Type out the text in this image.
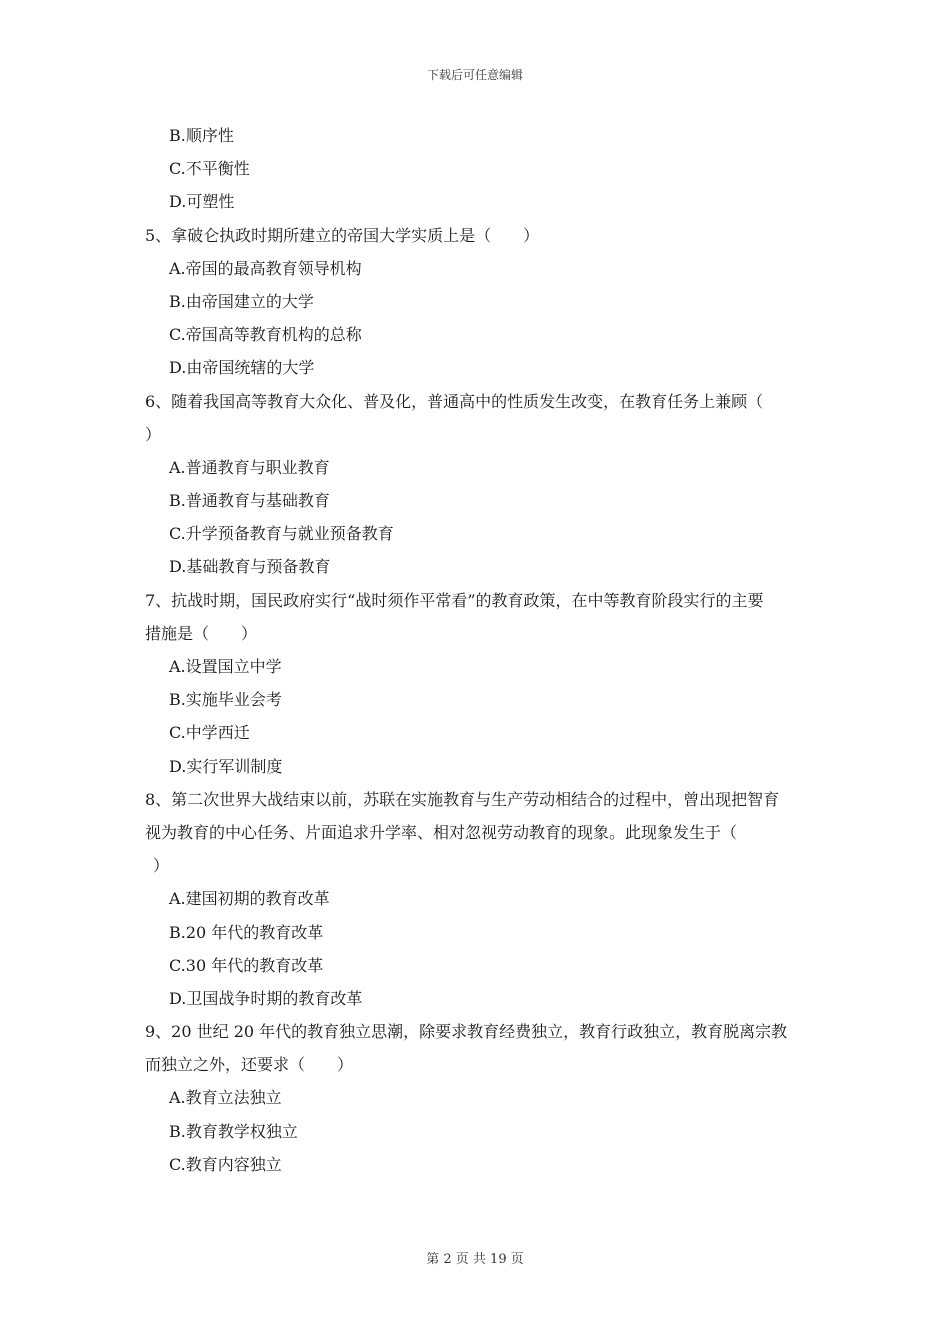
下载后可任意编辑
B.顺序性
C.不平衡性
D.可塑性
5、拿破仑执政时期所建立的帝国大学实质上是（　　）
A.帝国的最高教育领导机构
B.由帝国建立的大学
C.帝国高等教育机构的总称
D.由帝国统辖的大学
6、随着我国高等教育大众化、普及化，普通高中的性质发生改变，在教育任务上兼顾（
）
A.普通教育与职业教育
B.普通教育与基础教育
C.升学预备教育与就业预备教育
D.基础教育与预备教育
7、抗战时期，国民政府实行“战时须作平常看”的教育政策，在中等教育阶段实行的主要
措施是（　　）
A.设置国立中学
B.实施毕业会考
C.中学西迁
D.实行军训制度
8、第二次世界大战结束以前，苏联在实施教育与生产劳动相结合的过程中，曾出现把智育
视为教育的中心任务、片面追求升学率、相对忽视劳动教育的现象。此现象发生于（
）
A.建国初期的教育改革
B.20 年代的教育改革
C.30 年代的教育改革
D.卫国战争时期的教育改革
9、20 世纪 20 年代的教育独立思潮，除要求教育经费独立，教育行政独立，教育脱离宗教
而独立之外，还要求（　　）
A.教育立法独立
B.教育教学权独立
C.教育内容独立
第 2 页 共 19 页
